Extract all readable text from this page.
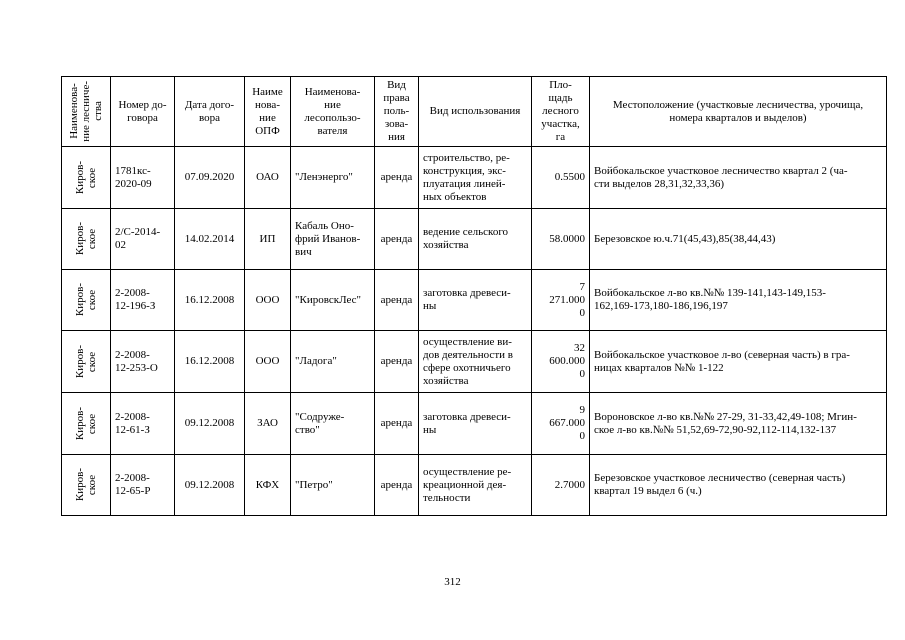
Наименова-
ние лесниче-
ства	Номер до-
говора	Дата дого-
вора	Наиме
нова-
ние
ОПФ	Наименова-
ние
лесопользо-
вателя	Вид
права
поль-
зова-
ния	Вид использования	Пло-
щадь
лесного
участка,
га	Местоположение (участковые лесничества, урочища,
номера кварталов и выделов)

Киров-
ское	1781кс-
2020-09	07.09.2020	ОАО	"Ленэнерго"	аренда	строительство, ре-
конструкция, экс-
плуатация линей-
ных объектов	0.5500	Войбокальское участковое лесничество квартал 2 (ча-
сти выделов 28,31,32,33,36)

Киров-
ское	2/С-2014-
02	14.02.2014	ИП	Кабаль Оно-
фрий Иванов-
вич	аренда	ведение сельского
хозяйства	58.0000	Березовское ю.ч.71(45,43),85(38,44,43)

Киров-
ское	2-2008-
12-196-З	16.12.2008	ООО	"КировскЛес"	аренда	заготовка древеси-
ны	7
271.000
0	Войбокальское л-во кв.№№ 139-141,143-149,153-
162,169-173,180-186,196,197

Киров-
ское	2-2008-
12-253-О	16.12.2008	ООО	"Ладога"	аренда	осуществление ви-
дов деятельности в
сфере охотничьего
хозяйства	32
600.000
0	Войбокальское участковое л-во (северная часть) в гра-
ницах кварталов №№ 1-122

Киров-
ское	2-2008-
12-61-З	09.12.2008	ЗАО	"Содруже-
ство"	аренда	заготовка древеси-
ны	9
667.000
0	Вороновское л-во кв.№№ 27-29, 31-33,42,49-108; Мгин-
ское л-во кв.№№ 51,52,69-72,90-92,112-114,132-137

Киров-
ское	2-2008-
12-65-Р	09.12.2008	КФХ	"Петро"	аренда	осуществление ре-
креационной дея-
тельности	2.7000	Березовское участковое лесничество (северная часть)
квартал 19 выдел 6 (ч.)
312
